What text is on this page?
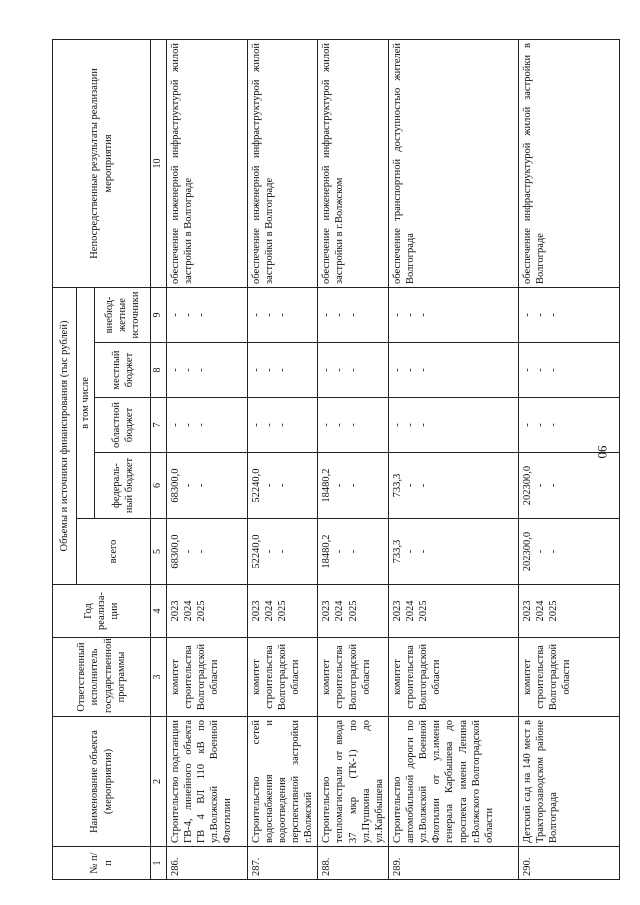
90
№ п/п	Наименование объекта (мероприятия)	Ответственный исполнитель государственной программы	Год реализа- ции	Объемы и источники финансирования (тыс рублей)					Непосредственные результаты реализации мероприятия
				всего	в том числе				
					федераль- ный бюджет	областной бюджет	местный бюджет	внебюд- жетные источники	
1	2	3	4	5	6	7	8	9	10
286.	Строительство подстанции ГВ-4, линейного объекта ГВ 4 ВЛ 110 кВ по ул.Волжской Военной Флотилии	комитет строительства Волгоградской области	2023 2024 2025	68300,0 - -	68300,0 - -	- - -	- - -	- - -	обеспечение инженерной инфраструктурой жилой застройки в Волгограде
287.	Строительство сетей водоснабжения и водоотведения перспективной застройки г.Волжский	комитет строительства Волгоградской области	2023 2024 2025	52240,0 - -	52240,0 - -	- - -	- - -	- - -	обеспечение инженерной инфраструктурой жилой застройки в Волгограде
288.	Строительство тепломагистрали от ввода 37 мкр (ТК-1) по ул.Пушкина до ул.Карбышева	комитет строительства Волгоградской области	2023 2024 2025	18480,2 - -	18480,2 - -	- - -	- - -	- - -	обеспечение инженерной инфраструктурой жилой застройки в г.Волжском
289.	Строительство автомобильной дороги по ул.Волжской Военной Флотилии от ул.имени генерала Карбышева до проспекта имени Ленина г.Волжского Волгоградской области	комитет строительства Волгоградской области	2023 2024 2025	733,3 - -	733,3 - -	- - -	- - -	- - -	обеспечение транспортной доступностью жителей Волгограда
290.	Детский сад на 140 мест в Тракторозаводском районе Волгограда	комитет строительства Волгоградской области	2023 2024 2025	202300,0 - -	202300,0 - -	- - -	- - -	- - -	обеспечение инфраструктурой жилой застройки в Волгограде
